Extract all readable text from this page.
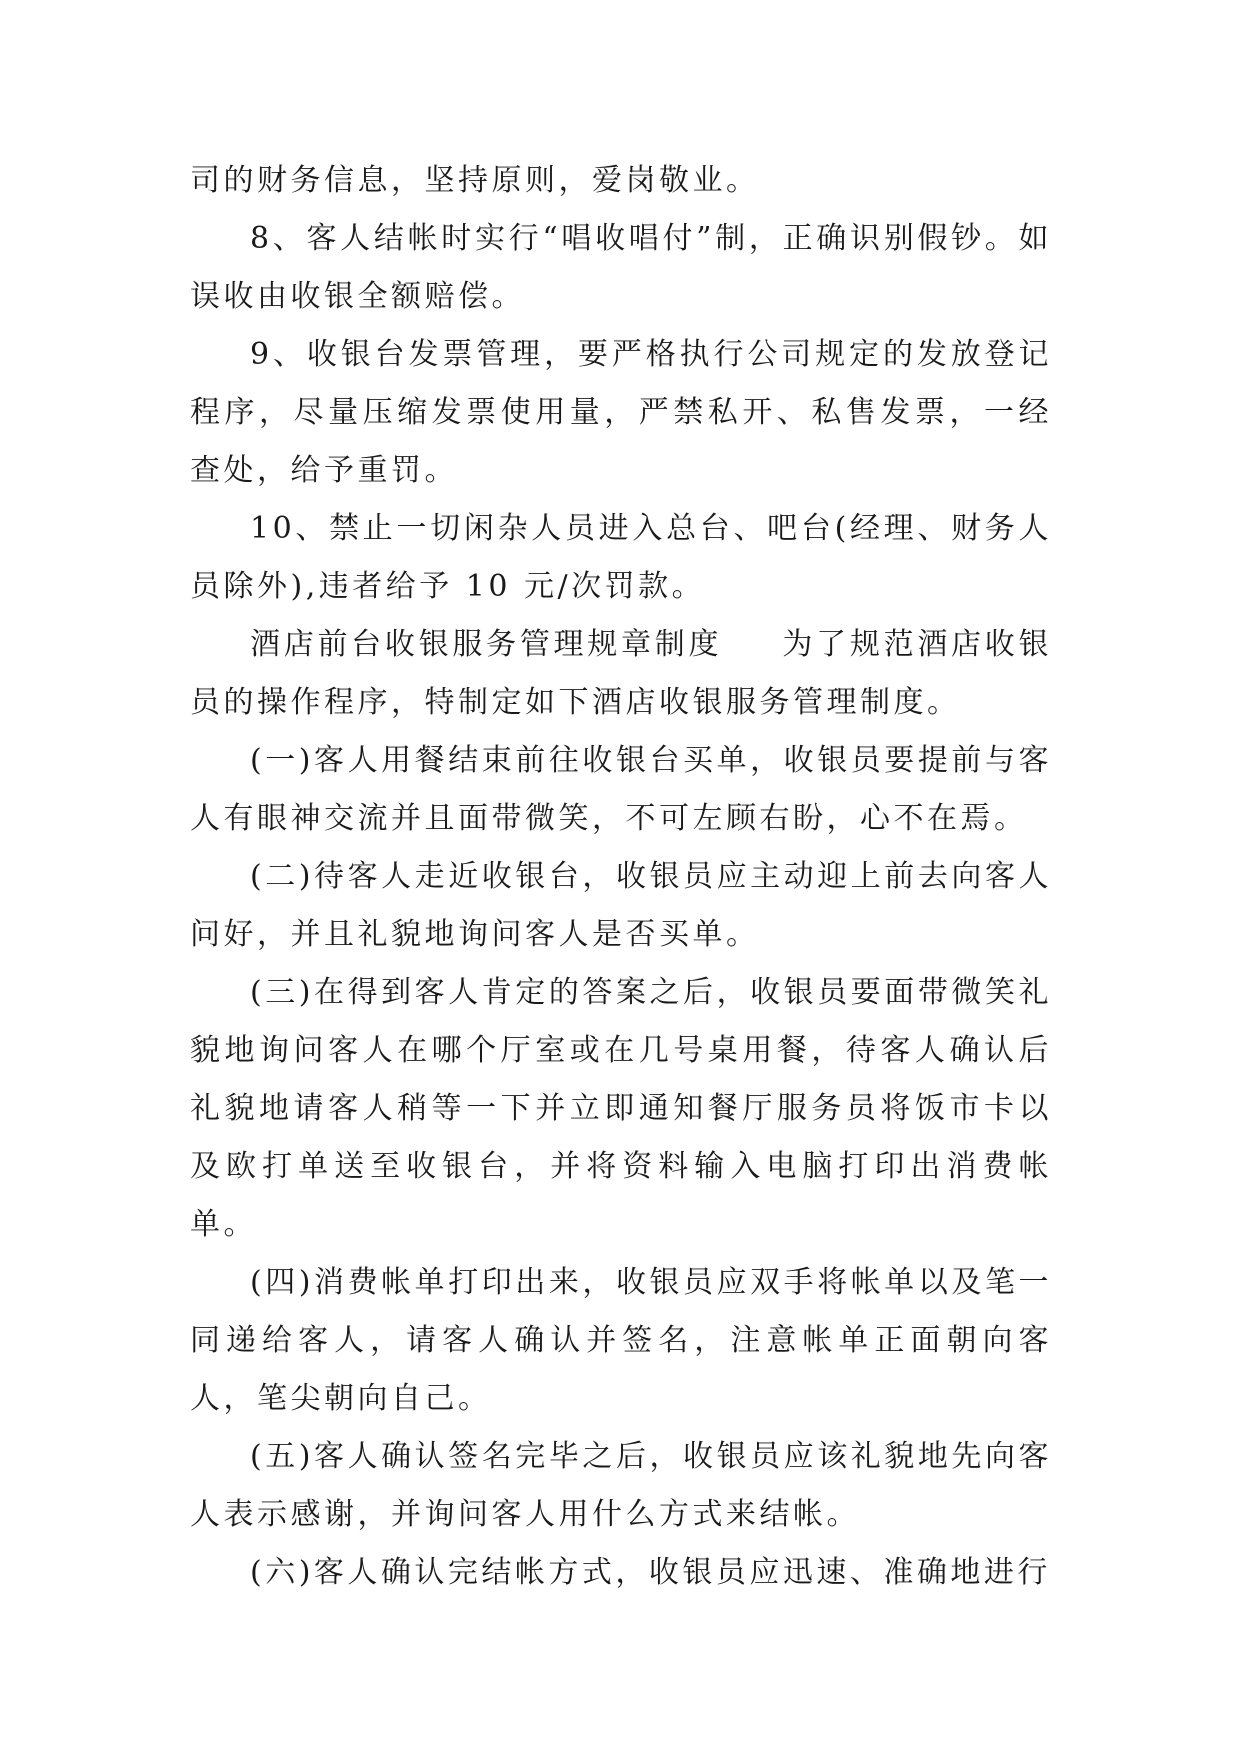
司的财务信息，坚持原则，爱岗敬业。

8、客人结帐时实行“唱收唱付”制，正确识别假钞。如误收由收银全额赔偿。

9、收银台发票管理，要严格执行公司规定的发放登记程序，尽量压缩发票使用量，严禁私开、私售发票，一经查处，给予重罚。

10、禁止一切闲杂人员进入总台、吧台(经理、财务人员除外),违者给予 10 元/次罚款。

酒店前台收银服务管理规章制度 为了规范酒店收银员的操作程序，特制定如下酒店收银服务管理制度。

(一)客人用餐结束前往收银台买单，收银员要提前与客人有眼神交流并且面带微笑，不可左顾右盼，心不在焉。

(二)待客人走近收银台，收银员应主动迎上前去向客人问好，并且礼貌地询问客人是否买单。

(三)在得到客人肯定的答案之后，收银员要面带微笑礼貌地询问客人在哪个厅室或在几号桌用餐，待客人确认后礼貌地请客人稍等一下并立即通知餐厅服务员将饭市卡以及欧打单送至收银台，并将资料输入电脑打印出消费帐单。

(四)消费帐单打印出来，收银员应双手将帐单以及笔一同递给客人，请客人确认并签名，注意帐单正面朝向客人，笔尖朝向自己。

(五)客人确认签名完毕之后，收银员应该礼貌地先向客人表示感谢，并询问客人用什么方式来结帐。

(六)客人确认完结帐方式，收银员应迅速、准确地进行
